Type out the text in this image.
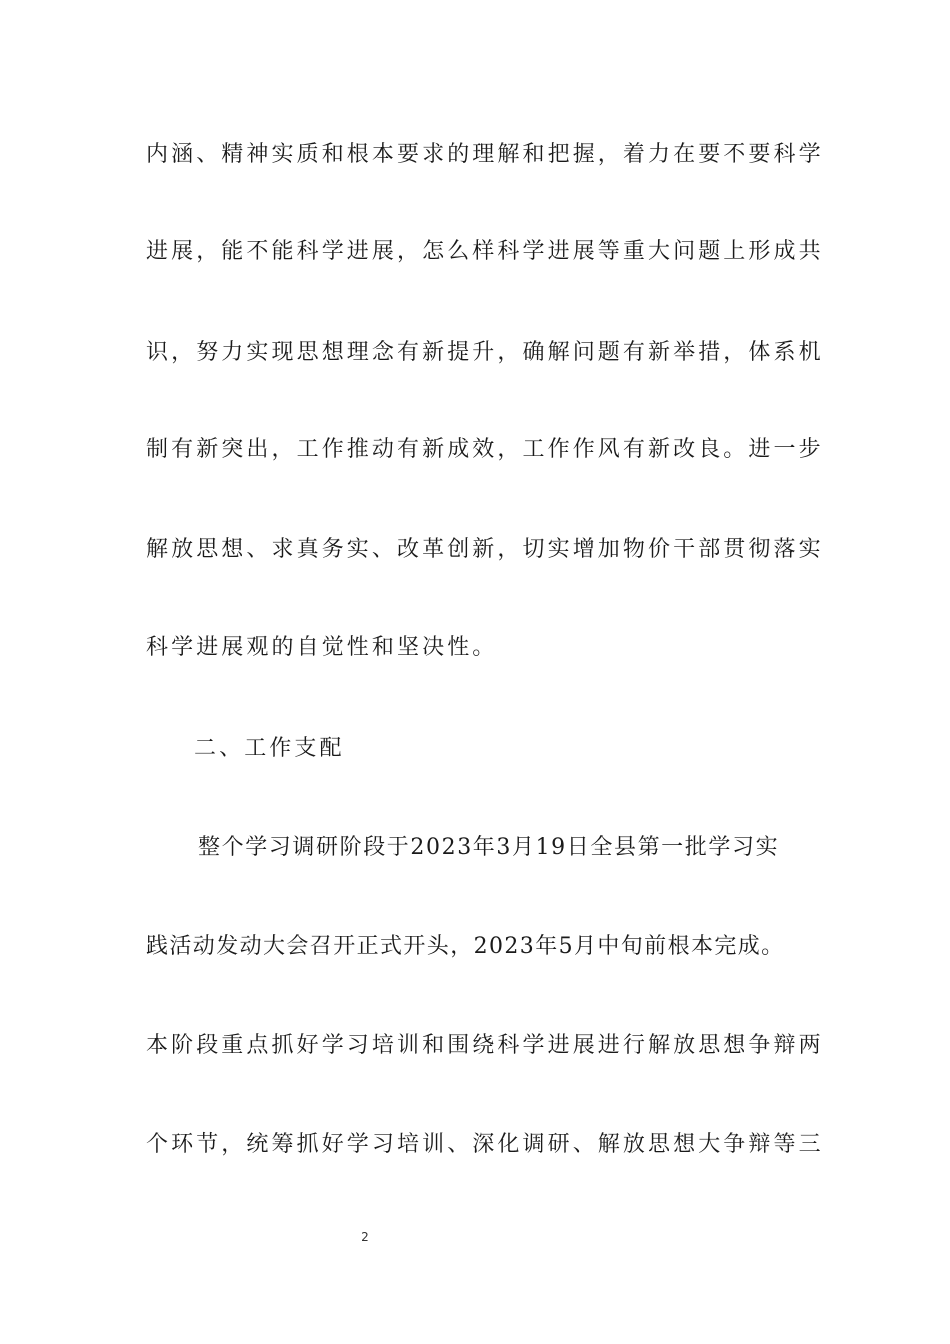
内涵、精神实质和根本要求的理解和把握，着力在要不要科学
进展，能不能科学进展，怎么样科学进展等重大问题上形成共
识，努力实现思想理念有新提升，确解问题有新举措，体系机
制有新突出，工作推动有新成效，工作作风有新改良。进一步
解放思想、求真务实、改革创新，切实增加物价干部贯彻落实
科学进展观的自觉性和坚决性。
二、工作支配
整个学习调研阶段于2023年3月19日全县第一批学习实
践活动发动大会召开正式开头，2023年5月中旬前根本完成。
本阶段重点抓好学习培训和围绕科学进展进行解放思想争辩两
个环节，统筹抓好学习培训、深化调研、解放思想大争辩等三
2
